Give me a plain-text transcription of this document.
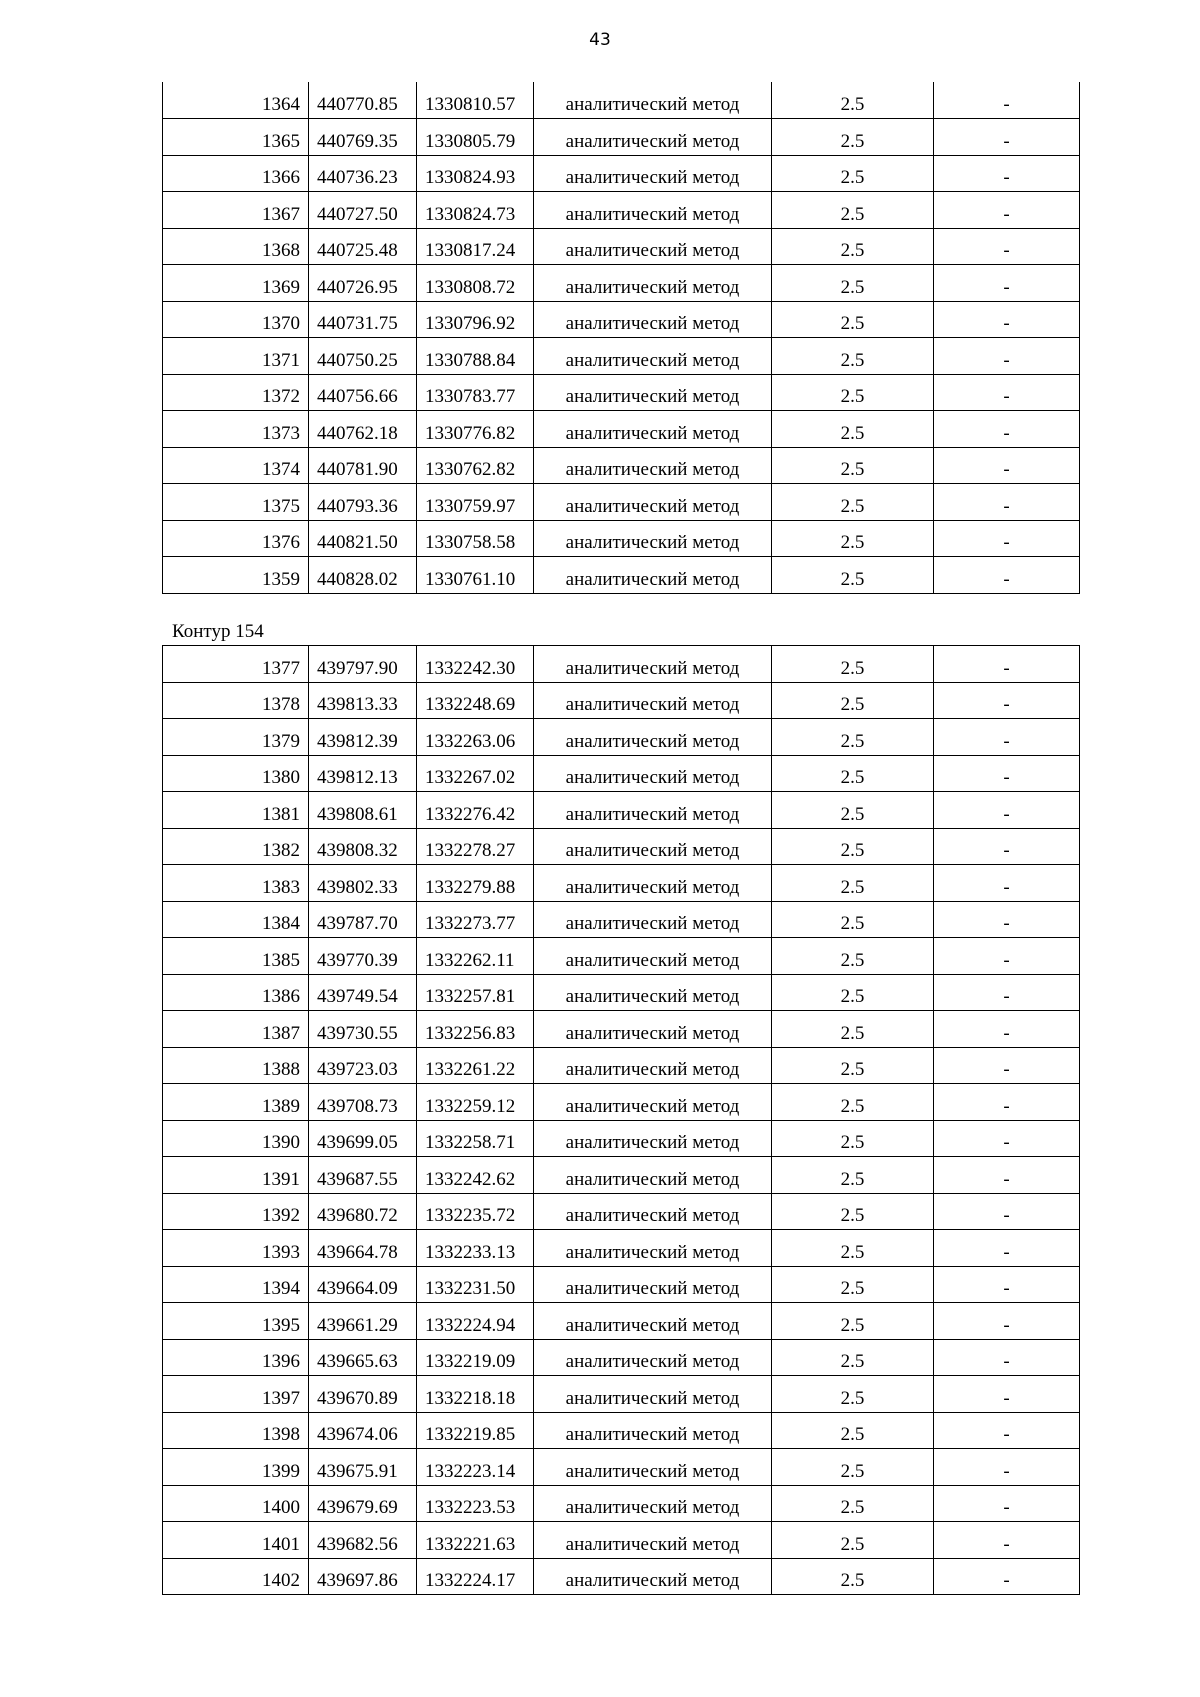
43
1364	440770.85	1330810.57	аналитический метод	2.5	-
1365	440769.35	1330805.79	аналитический метод	2.5	-
1366	440736.23	1330824.93	аналитический метод	2.5	-
1367	440727.50	1330824.73	аналитический метод	2.5	-
1368	440725.48	1330817.24	аналитический метод	2.5	-
1369	440726.95	1330808.72	аналитический метод	2.5	-
1370	440731.75	1330796.92	аналитический метод	2.5	-
1371	440750.25	1330788.84	аналитический метод	2.5	-
1372	440756.66	1330783.77	аналитический метод	2.5	-
1373	440762.18	1330776.82	аналитический метод	2.5	-
1374	440781.90	1330762.82	аналитический метод	2.5	-
1375	440793.36	1330759.97	аналитический метод	2.5	-
1376	440821.50	1330758.58	аналитический метод	2.5	-
1359	440828.02	1330761.10	аналитический метод	2.5	-
Контур 154
1377	439797.90	1332242.30	аналитический метод	2.5	-
1378	439813.33	1332248.69	аналитический метод	2.5	-
1379	439812.39	1332263.06	аналитический метод	2.5	-
1380	439812.13	1332267.02	аналитический метод	2.5	-
1381	439808.61	1332276.42	аналитический метод	2.5	-
1382	439808.32	1332278.27	аналитический метод	2.5	-
1383	439802.33	1332279.88	аналитический метод	2.5	-
1384	439787.70	1332273.77	аналитический метод	2.5	-
1385	439770.39	1332262.11	аналитический метод	2.5	-
1386	439749.54	1332257.81	аналитический метод	2.5	-
1387	439730.55	1332256.83	аналитический метод	2.5	-
1388	439723.03	1332261.22	аналитический метод	2.5	-
1389	439708.73	1332259.12	аналитический метод	2.5	-
1390	439699.05	1332258.71	аналитический метод	2.5	-
1391	439687.55	1332242.62	аналитический метод	2.5	-
1392	439680.72	1332235.72	аналитический метод	2.5	-
1393	439664.78	1332233.13	аналитический метод	2.5	-
1394	439664.09	1332231.50	аналитический метод	2.5	-
1395	439661.29	1332224.94	аналитический метод	2.5	-
1396	439665.63	1332219.09	аналитический метод	2.5	-
1397	439670.89	1332218.18	аналитический метод	2.5	-
1398	439674.06	1332219.85	аналитический метод	2.5	-
1399	439675.91	1332223.14	аналитический метод	2.5	-
1400	439679.69	1332223.53	аналитический метод	2.5	-
1401	439682.56	1332221.63	аналитический метод	2.5	-
1402	439697.86	1332224.17	аналитический метод	2.5	-
